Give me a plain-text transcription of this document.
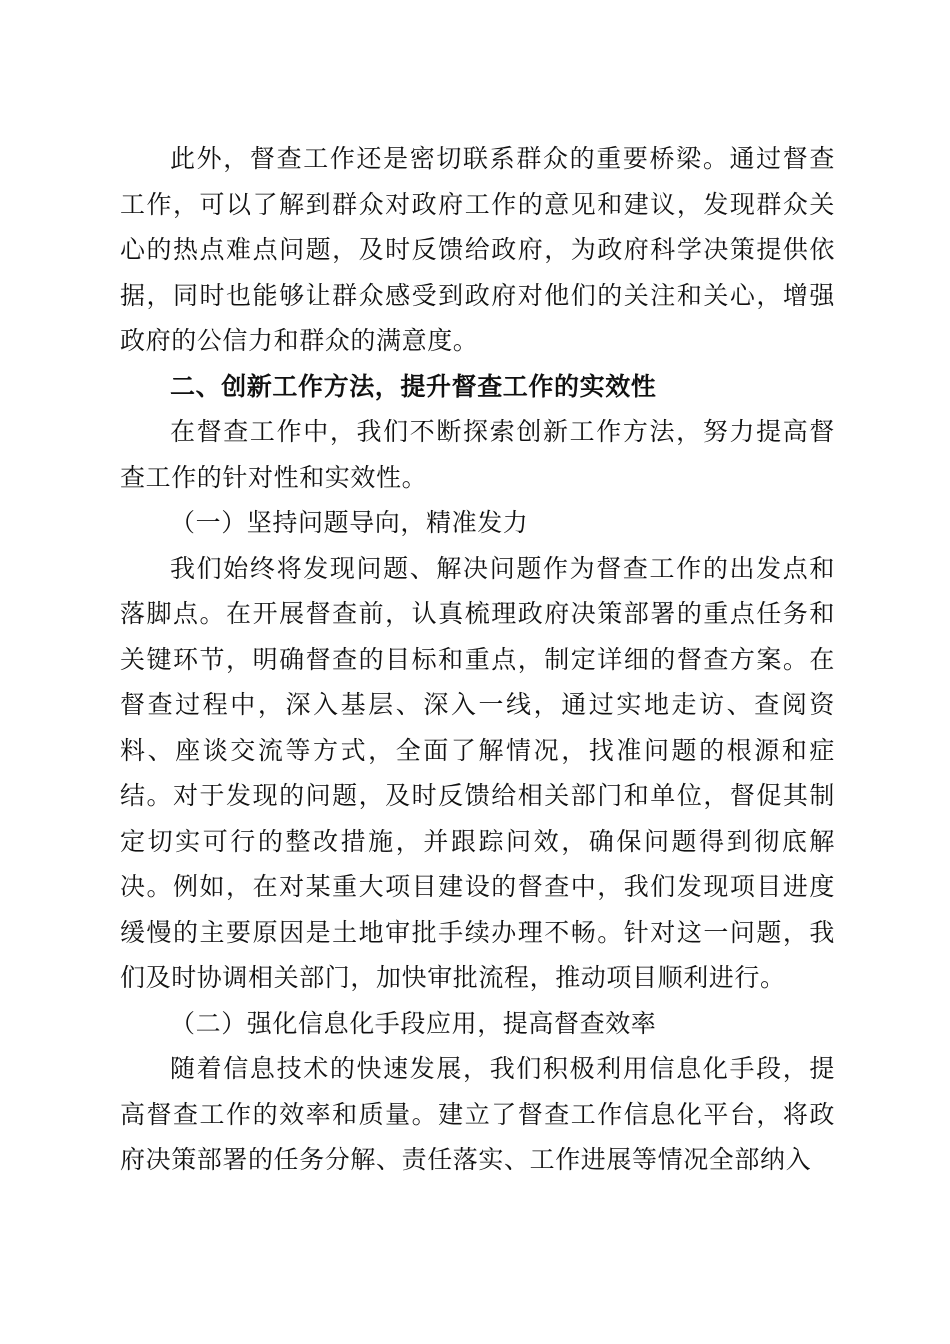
此外，督查工作还是密切联系群众的重要桥梁。通过督查工作，可以了解到群众对政府工作的意见和建议，发现群众关心的热点难点问题，及时反馈给政府，为政府科学决策提供依据，同时也能够让群众感受到政府对他们的关注和关心，增强政府的公信力和群众的满意度。

二、创新工作方法，提升督查工作的实效性

在督查工作中，我们不断探索创新工作方法，努力提高督查工作的针对性和实效性。

（一）坚持问题导向，精准发力

我们始终将发现问题、解决问题作为督查工作的出发点和落脚点。在开展督查前，认真梳理政府决策部署的重点任务和关键环节，明确督查的目标和重点，制定详细的督查方案。在督查过程中，深入基层、深入一线，通过实地走访、查阅资料、座谈交流等方式，全面了解情况，找准问题的根源和症结。对于发现的问题，及时反馈给相关部门和单位，督促其制定切实可行的整改措施，并跟踪问效，确保问题得到彻底解决。例如，在对某重大项目建设的督查中，我们发现项目进度缓慢的主要原因是土地审批手续办理不畅。针对这一问题，我们及时协调相关部门，加快审批流程，推动项目顺利进行。

（二）强化信息化手段应用，提高督查效率

随着信息技术的快速发展，我们积极利用信息化手段，提高督查工作的效率和质量。建立了督查工作信息化平台，将政府决策部署的任务分解、责任落实、工作进展等情况全部纳入
